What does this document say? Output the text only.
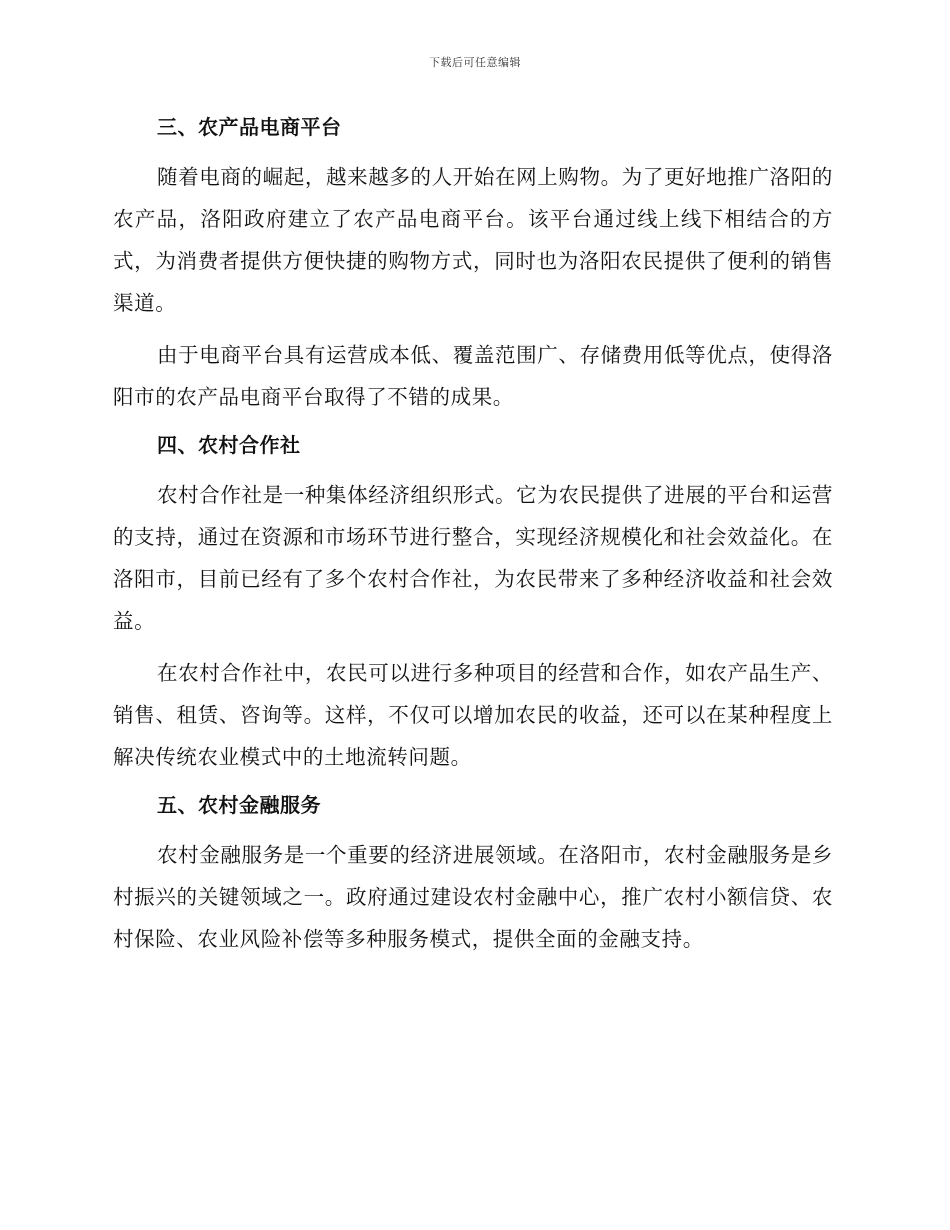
下载后可任意编辑
三、农产品电商平台

随着电商的崛起，越来越多的人开始在网上购物。为了更好地推广洛阳的农产品，洛阳政府建立了农产品电商平台。该平台通过线上线下相结合的方式，为消费者提供方便快捷的购物方式，同时也为洛阳农民提供了便利的销售渠道。

由于电商平台具有运营成本低、覆盖范围广、存储费用低等优点，使得洛阳市的农产品电商平台取得了不错的成果。

四、农村合作社

农村合作社是一种集体经济组织形式。它为农民提供了进展的平台和运营的支持，通过在资源和市场环节进行整合，实现经济规模化和社会效益化。在洛阳市，目前已经有了多个农村合作社，为农民带来了多种经济收益和社会效益。

在农村合作社中，农民可以进行多种项目的经营和合作，如农产品生产、销售、租赁、咨询等。这样，不仅可以增加农民的收益，还可以在某种程度上解决传统农业模式中的土地流转问题。

五、农村金融服务

农村金融服务是一个重要的经济进展领域。在洛阳市，农村金融服务是乡村振兴的关键领域之一。政府通过建设农村金融中心，推广农村小额信贷、农村保险、农业风险补偿等多种服务模式，提供全面的金融支持。
